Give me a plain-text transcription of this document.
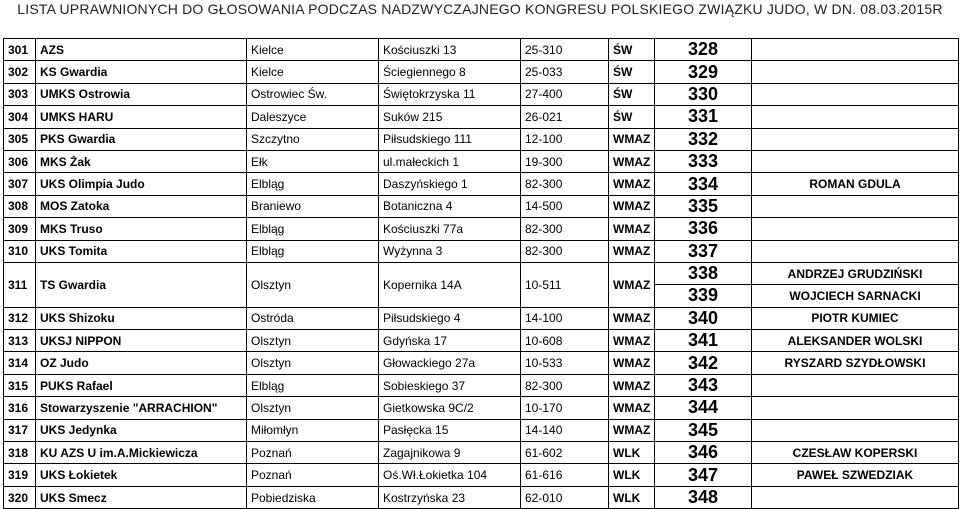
LISTA UPRAWNIONYCH DO GŁOSOWANIA PODCZAS NADZWYCZAJNEGO KONGRESU POLSKIEGO ZWIĄZKU JUDO, W DN. 08.03.2015R
301	AZS	Kielce	Kościuszki 13	25-310	ŚW	328	
302	KS Gwardia	Kielce	Ściegiennego 8	25-033	ŚW	329	
303	UMKS Ostrowia	Ostrowiec Św.	Świętokrzyska 11	27-400	ŚW	330	
304	UMKS HARU	Daleszyce	Suków 215	26-021	ŚW	331	
305	PKS Gwardia	Szczytno	Piłsudskiego 111	12-100	WMAZ	332	
306	MKS Żak	Ełk	ul.małeckich 1	19-300	WMAZ	333	
307	UKS Olimpia Judo	Elbląg	Daszyńskiego 1	82-300	WMAZ	334	ROMAN GDULA
308	MOS Zatoka	Braniewo	Botaniczna 4	14-500	WMAZ	335	
309	MKS Truso	Elbląg	Kościuszki 77a	82-300	WMAZ	336	
310	UKS Tomita	Elbląg	Wyżynna 3	82-300	WMAZ	337	
311	TS Gwardia	Olsztyn	Kopernika 14A	10-511	WMAZ	338	ANDRZEJ GRUDZIŃSKI
						339	WOJCIECH SARNACKI
312	UKS Shizoku	Ostróda	Piłsudskiego 4	14-100	WMAZ	340	PIOTR KUMIEC
313	UKSJ NIPPON	Olsztyn	Gdyńska 17	10-608	WMAZ	341	ALEKSANDER WOLSKI
314	OZ Judo	Olsztyn	Głowackiego 27a	10-533	WMAZ	342	RYSZARD SZYDŁOWSKI
315	PUKS Rafael	Elbląg	Sobieskiego 37	82-300	WMAZ	343	
316	Stowarzyszenie "ARRACHION"	Olsztyn	Gietkowska 9C/2	10-170	WMAZ	344	
317	UKS Jedynka	Miłomłyn	Pasłęcka 15	14-140	WMAZ	345	
318	KU AZS U im.A.Mickiewicza	Poznań	Zagajnikowa 9	61-602	WLK	346	CZESŁAW KOPERSKI
319	UKS Łokietek	Poznań	Oś.Wł.Łokietka 104	61-616	WLK	347	PAWEŁ SZWEDZIAK
320	UKS Smecz	Pobiedziska	Kostrzyńska 23	62-010	WLK	348	
